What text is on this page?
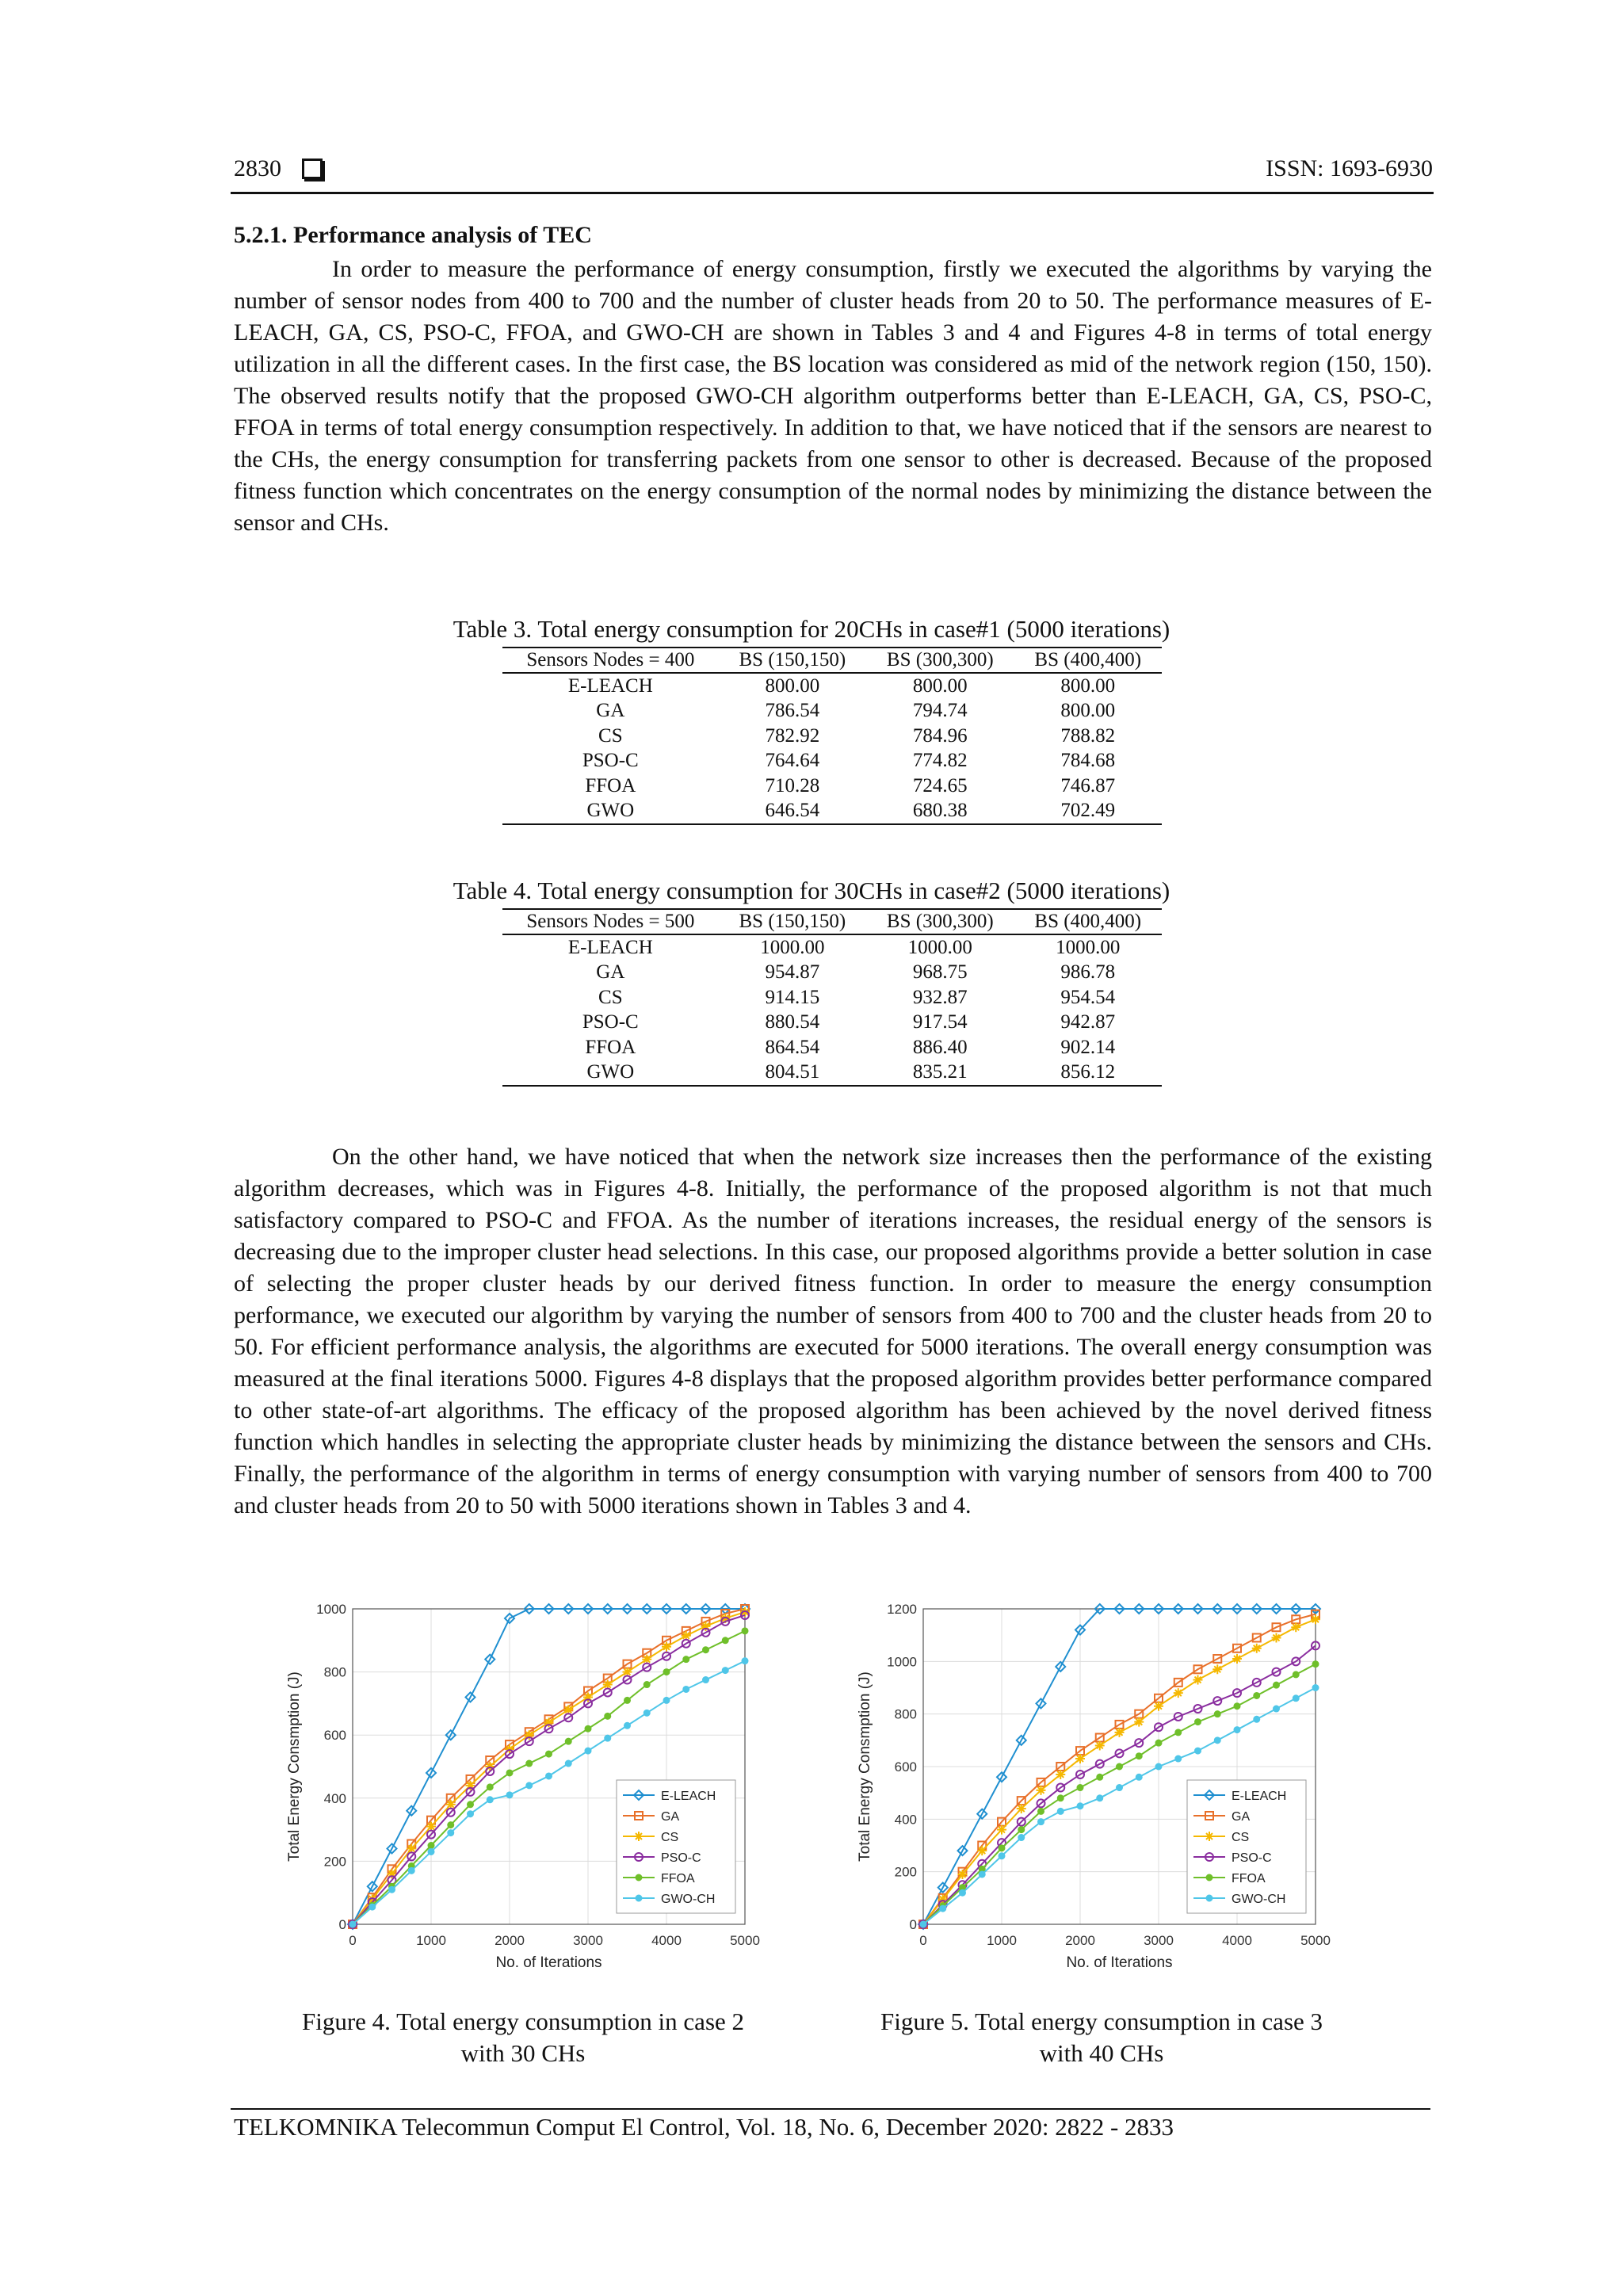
2830	ISSN: 1693-6930
5.2.1. Performance analysis of TEC

In order to measure the performance of energy consumption, firstly we executed the algorithms by varying the number of sensor nodes from 400 to 700 and the number of cluster heads from 20 to 50. The performance measures of E-LEACH, GA, CS, PSO-C, FFOA, and GWO-CH are shown in Tables 3 and 4 and Figures 4-8 in terms of total energy utilization in all the different cases. In the first case, the BS location was considered as mid of the network region (150, 150). The observed results notify that the proposed GWO-CH algorithm outperforms better than E-LEACH, GA, CS, PSO-C, FFOA in terms of total energy consumption respectively. In addition to that, we have noticed that if the sensors are nearest to the CHs, the energy consumption for transferring packets from one sensor to other is decreased. Because of the proposed fitness function which concentrates on the energy consumption of the normal nodes by minimizing the distance between the sensor and CHs.

Table 3. Total energy consumption for 20CHs in case#1 (5000 iterations)
Sensors Nodes = 400	BS (150,150)	BS (300,300)	BS (400,400)
E-LEACH	800.00	800.00	800.00
GA	786.54	794.74	800.00
CS	782.92	784.96	788.82
PSO-C	764.64	774.82	784.68
FFOA	710.28	724.65	746.87
GWO	646.54	680.38	702.49
Table 4. Total energy consumption for 30CHs in case#2 (5000 iterations)
Sensors Nodes = 500	BS (150,150)	BS (300,300)	BS (400,400)
E-LEACH	1000.00	1000.00	1000.00
GA	954.87	968.75	986.78
CS	914.15	932.87	954.54
PSO-C	880.54	917.54	942.87
FFOA	864.54	886.40	902.14
GWO	804.51	835.21	856.12

On the other hand, we have noticed that when the network size increases then the performance of the existing algorithm decreases, which was in Figures 4-8. Initially, the performance of the proposed algorithm is not that much satisfactory compared to PSO-C and FFOA. As the number of iterations increases, the residual energy of the sensors is decreasing due to the improper cluster head selections. In this case, our proposed algorithms provide a better solution in case of selecting the proper cluster heads by our derived fitness function. In order to measure the energy consumption performance, we executed our algorithm by varying the number of sensors from 400 to 700 and the cluster heads from 20 to 50. For efficient performance analysis, the algorithms are executed for 5000 iterations. The overall energy consumption was measured at the final iterations 5000. Figures 4-8 displays that the proposed algorithm provides better performance compared to other state-of-art algorithms. The efficacy of the proposed algorithm has been achieved by the novel derived fitness function which handles in selecting the appropriate cluster heads by minimizing the distance between the sensors and CHs. Finally, the performance of the algorithm in terms of energy consumption with varying number of sensors from 400 to 700 and cluster heads from 20 to 50 with 5000 iterations shown in Tables 3 and 4.

0	1000	2000	3000	4000	5000
0
200
400
600
800
1000
No. of Iterations
Total Energy Consmption (J)	E-LEACH
GA
CS
PSO-C
FFOA
GWO-CH
0	1000	2000	3000	4000	5000
0
200
400
600
800
1000
1200
No. of Iterations
Total Energy Consmption (J)	E-LEACH
GA
CS
PSO-C
FFOA
GWO-CH
Figure 4. Total energy consumption in case 2
with 30 CHs
Figure 5. Total energy consumption in case 3
with 40 CHs
TELKOMNIKA Telecommun Comput El Control, Vol. 18, No. 6, December 2020: 2822 - 2833
